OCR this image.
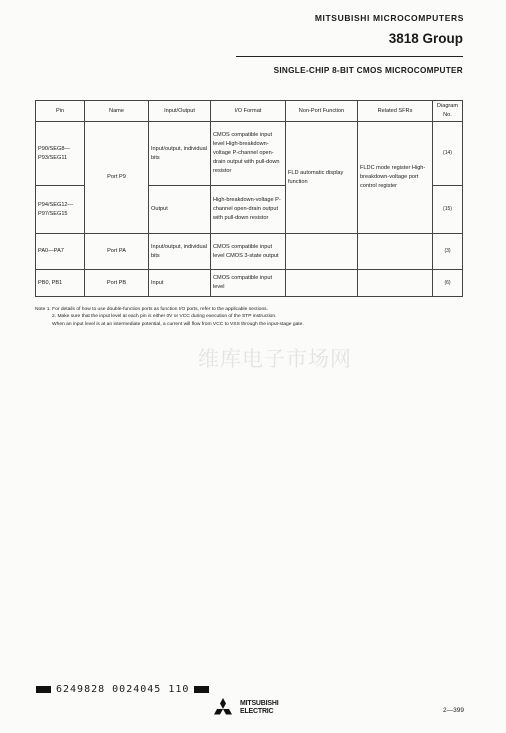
MITSUBISHI MICROCOMPUTERS
3818 Group
SINGLE-CHIP 8-BIT CMOS MICROCOMPUTER
Pin	Name	Input/Output	I/O Format	Non-Port Function	Related SFRs	Diagram No.
P90/SEG8—P93/SEG11	Port P9	Input/output, individual bits	CMOS compatible input level High-breakdown-voltage P-channel open-drain output with pull-down resistor	FLD automatic display function	FLDC mode register High-breakdown-voltage port control register	(14)
P94/SEG12—P97/SEG15		Output	High-breakdown-voltage P-channel open-drain output with pull-down resistor			(15)
PA0—PA7	Port PA	Input/output, individual bits	CMOS compatible input level CMOS 3-state output			(3)
PB0, PB1	Port PB	Input	CMOS compatible input level			(6)
Note 1. For details of how to use double-function ports as function I/O ports, refer to the applicable sections.
2. Make sure that the input level at each pin is either 0V or VCC during execution of the STP instruction.
When an input level is at an intermediate potential, a current will flow from VCC to VSS through the input-stage gate.
维库电子市场网
6249828 0024045 110
MITSUBISHI
ELECTRIC	2—399
